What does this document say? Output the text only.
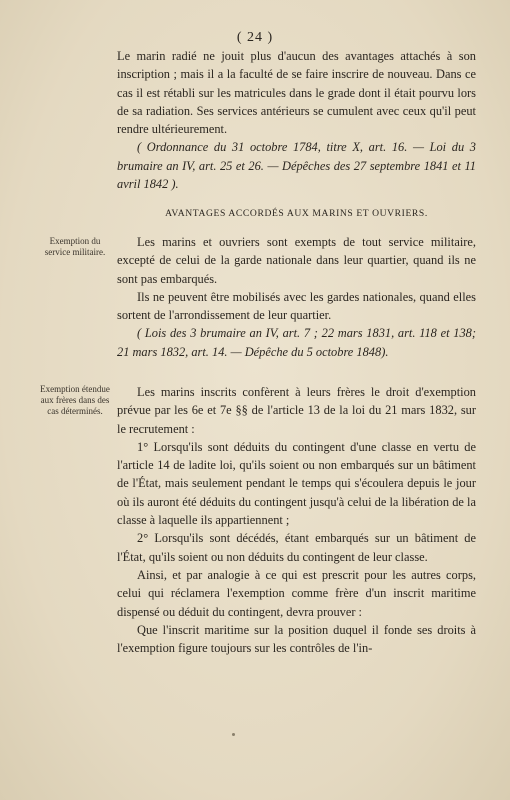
( 24 )

Le marin radié ne jouit plus d'aucun des avantages attachés à son inscription ; mais il a la faculté de se faire inscrire de nouveau. Dans ce cas il est rétabli sur les matricules dans le grade dont il était pourvu lors de sa radiation. Ses services antérieurs se cumulent avec ceux qu'il peut rendre ultérieurement.

( Ordonnance du 31 octobre 1784, titre X, art. 16. — Loi du 3 brumaire an IV, art. 25 et 26. — Dépêches des 27 septembre 1841 et 11 avril 1842 ).

AVANTAGES ACCORDÉS AUX MARINS ET OUVRIERS.
Exemption du service militaire.

Les marins et ouvriers sont exempts de tout service militaire, excepté de celui de la garde nationale dans leur quartier, quand ils ne sont pas embarqués.

Ils ne peuvent être mobilisés avec les gardes nationales, quand elles sortent de l'arrondissement de leur quartier.

( Lois des 3 brumaire an IV, art. 7 ; 22 mars 1831, art. 118 et 138; 21 mars 1832, art. 14. — Dépêche du 5 octobre 1848).

Exemption étendue aux frères dans des cas déterminés.

Les marins inscrits confèrent à leurs frères le droit d'exemption prévue par les 6e et 7e §§ de l'article 13 de la loi du 21 mars 1832, sur le recrutement :

1° Lorsqu'ils sont déduits du contingent d'une classe en vertu de l'article 14 de ladite loi, qu'ils soient ou non embarqués sur un bâtiment de l'État, mais seulement pendant le temps qui s'écoulera depuis le jour où ils auront été déduits du contingent jusqu'à celui de la libération de la classe à laquelle ils appartiennent ;

2° Lorsqu'ils sont décédés, étant embarqués sur un bâtiment de l'État, qu'ils soient ou non déduits du contingent de leur classe.

Ainsi, et par analogie à ce qui est prescrit pour les autres corps, celui qui réclamera l'exemption comme frère d'un inscrit maritime dispensé ou déduit du contingent, devra prouver :

Que l'inscrit maritime sur la position duquel il fonde ses droits à l'exemption figure toujours sur les contrôles de l'in-
